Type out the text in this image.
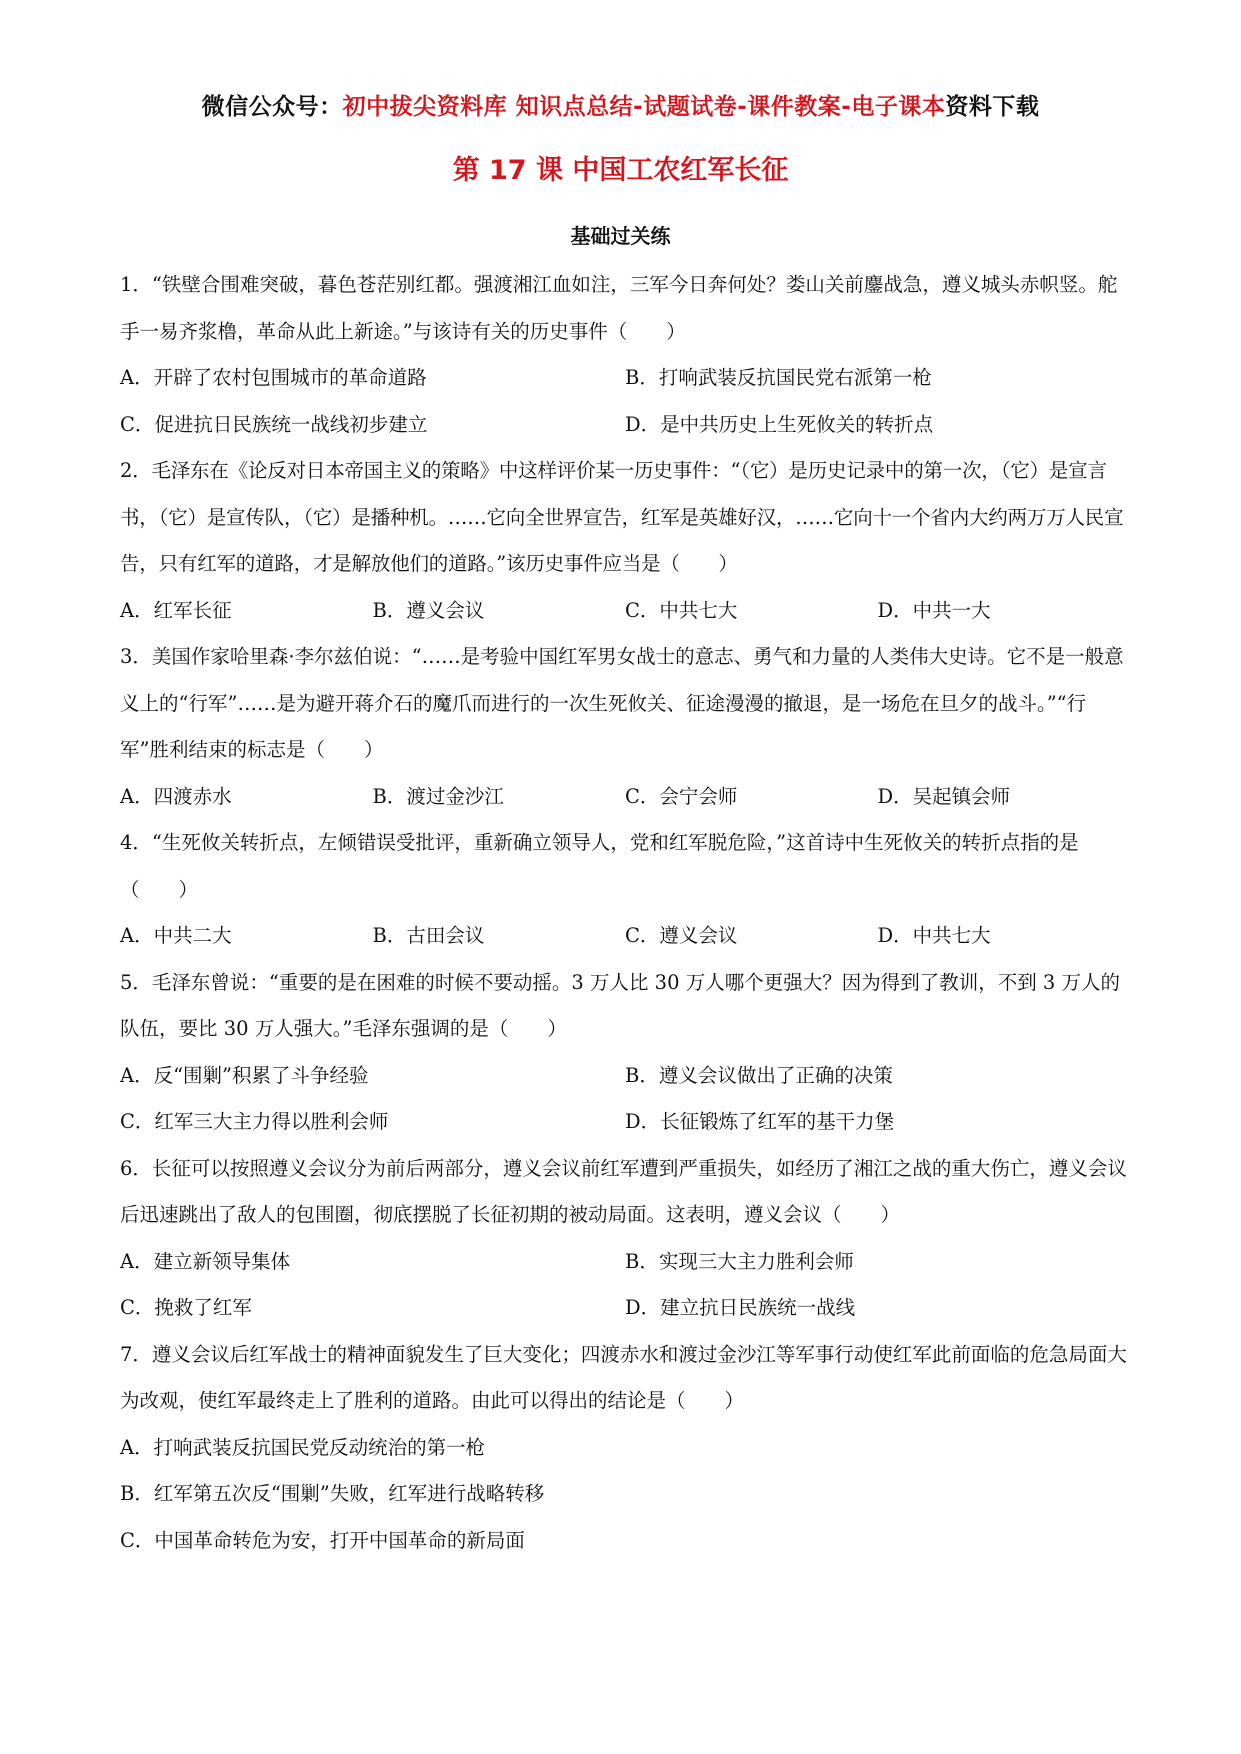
微信公众号：初中拔尖资料库 知识点总结-试题试卷-课件教案-电子课本资料下载
第 17 课 中国工农红军长征
基础过关练

1．“铁壁合围难突破，暮色苍茫别红都。强渡湘江血如注，三军今日奔何处？娄山关前鏖战急，遵义城头赤帜竖。舵手一易齐浆橹，革命从此上新途。”与该诗有关的历史事件（　　）

A．开辟了农村包围城市的革命道路	B．打响武装反抗国民党右派第一枪
C．促进抗日民族统一战线初步建立	D．是中共历史上生死攸关的转折点

2．毛泽东在《论反对日本帝国主义的策略》中这样评价某一历史事件：“（它）是历史记录中的第一次，（它）是宣言书，（它）是宣传队，（它）是播种机。……它向全世界宣告，红军是英雄好汉，……它向十一个省内大约两万万人民宣告，只有红军的道路，才是解放他们的道路。”该历史事件应当是（　　）

A．红军长征	B．遵义会议	C．中共七大	D．中共一大

3．美国作家哈里森·李尔兹伯说：“……是考验中国红军男女战士的意志、勇气和力量的人类伟大史诗。它不是一般意义上的“行军”……是为避开蒋介石的魔爪而进行的一次生死攸关、征途漫漫的撤退，是一场危在旦夕的战斗。”“行军”胜利结束的标志是（　　）

A．四渡赤水	B．渡过金沙江	C．会宁会师	D．吴起镇会师

4．“生死攸关转折点，左倾错误受批评，重新确立领导人，党和红军脱危险，”这首诗中生死攸关的转折点指的是（　　）

A．中共二大	B．古田会议	C．遵义会议	D．中共七大

5．毛泽东曾说：“重要的是在困难的时候不要动摇。3 万人比 30 万人哪个更强大？因为得到了教训，不到 3 万人的队伍，要比 30 万人强大。”毛泽东强调的是（　　）

A．反“围剿”积累了斗争经验	B．遵义会议做出了正确的决策
C．红军三大主力得以胜利会师	D．长征锻炼了红军的基干力堡

6．长征可以按照遵义会议分为前后两部分，遵义会议前红军遭到严重损失，如经历了湘江之战的重大伤亡，遵义会议后迅速跳出了敌人的包围圈，彻底摆脱了长征初期的被动局面。这表明，遵义会议（　　）

A．建立新领导集体	B．实现三大主力胜利会师
C．挽救了红军	D．建立抗日民族统一战线

7．遵义会议后红军战士的精神面貌发生了巨大变化；四渡赤水和渡过金沙江等军事行动使红军此前面临的危急局面大为改观，使红军最终走上了胜利的道路。由此可以得出的结论是（　　）

A．打响武装反抗国民党反动统治的第一枪
B．红军第五次反“围剿”失败，红军进行战略转移
C．中国革命转危为安，打开中国革命的新局面
